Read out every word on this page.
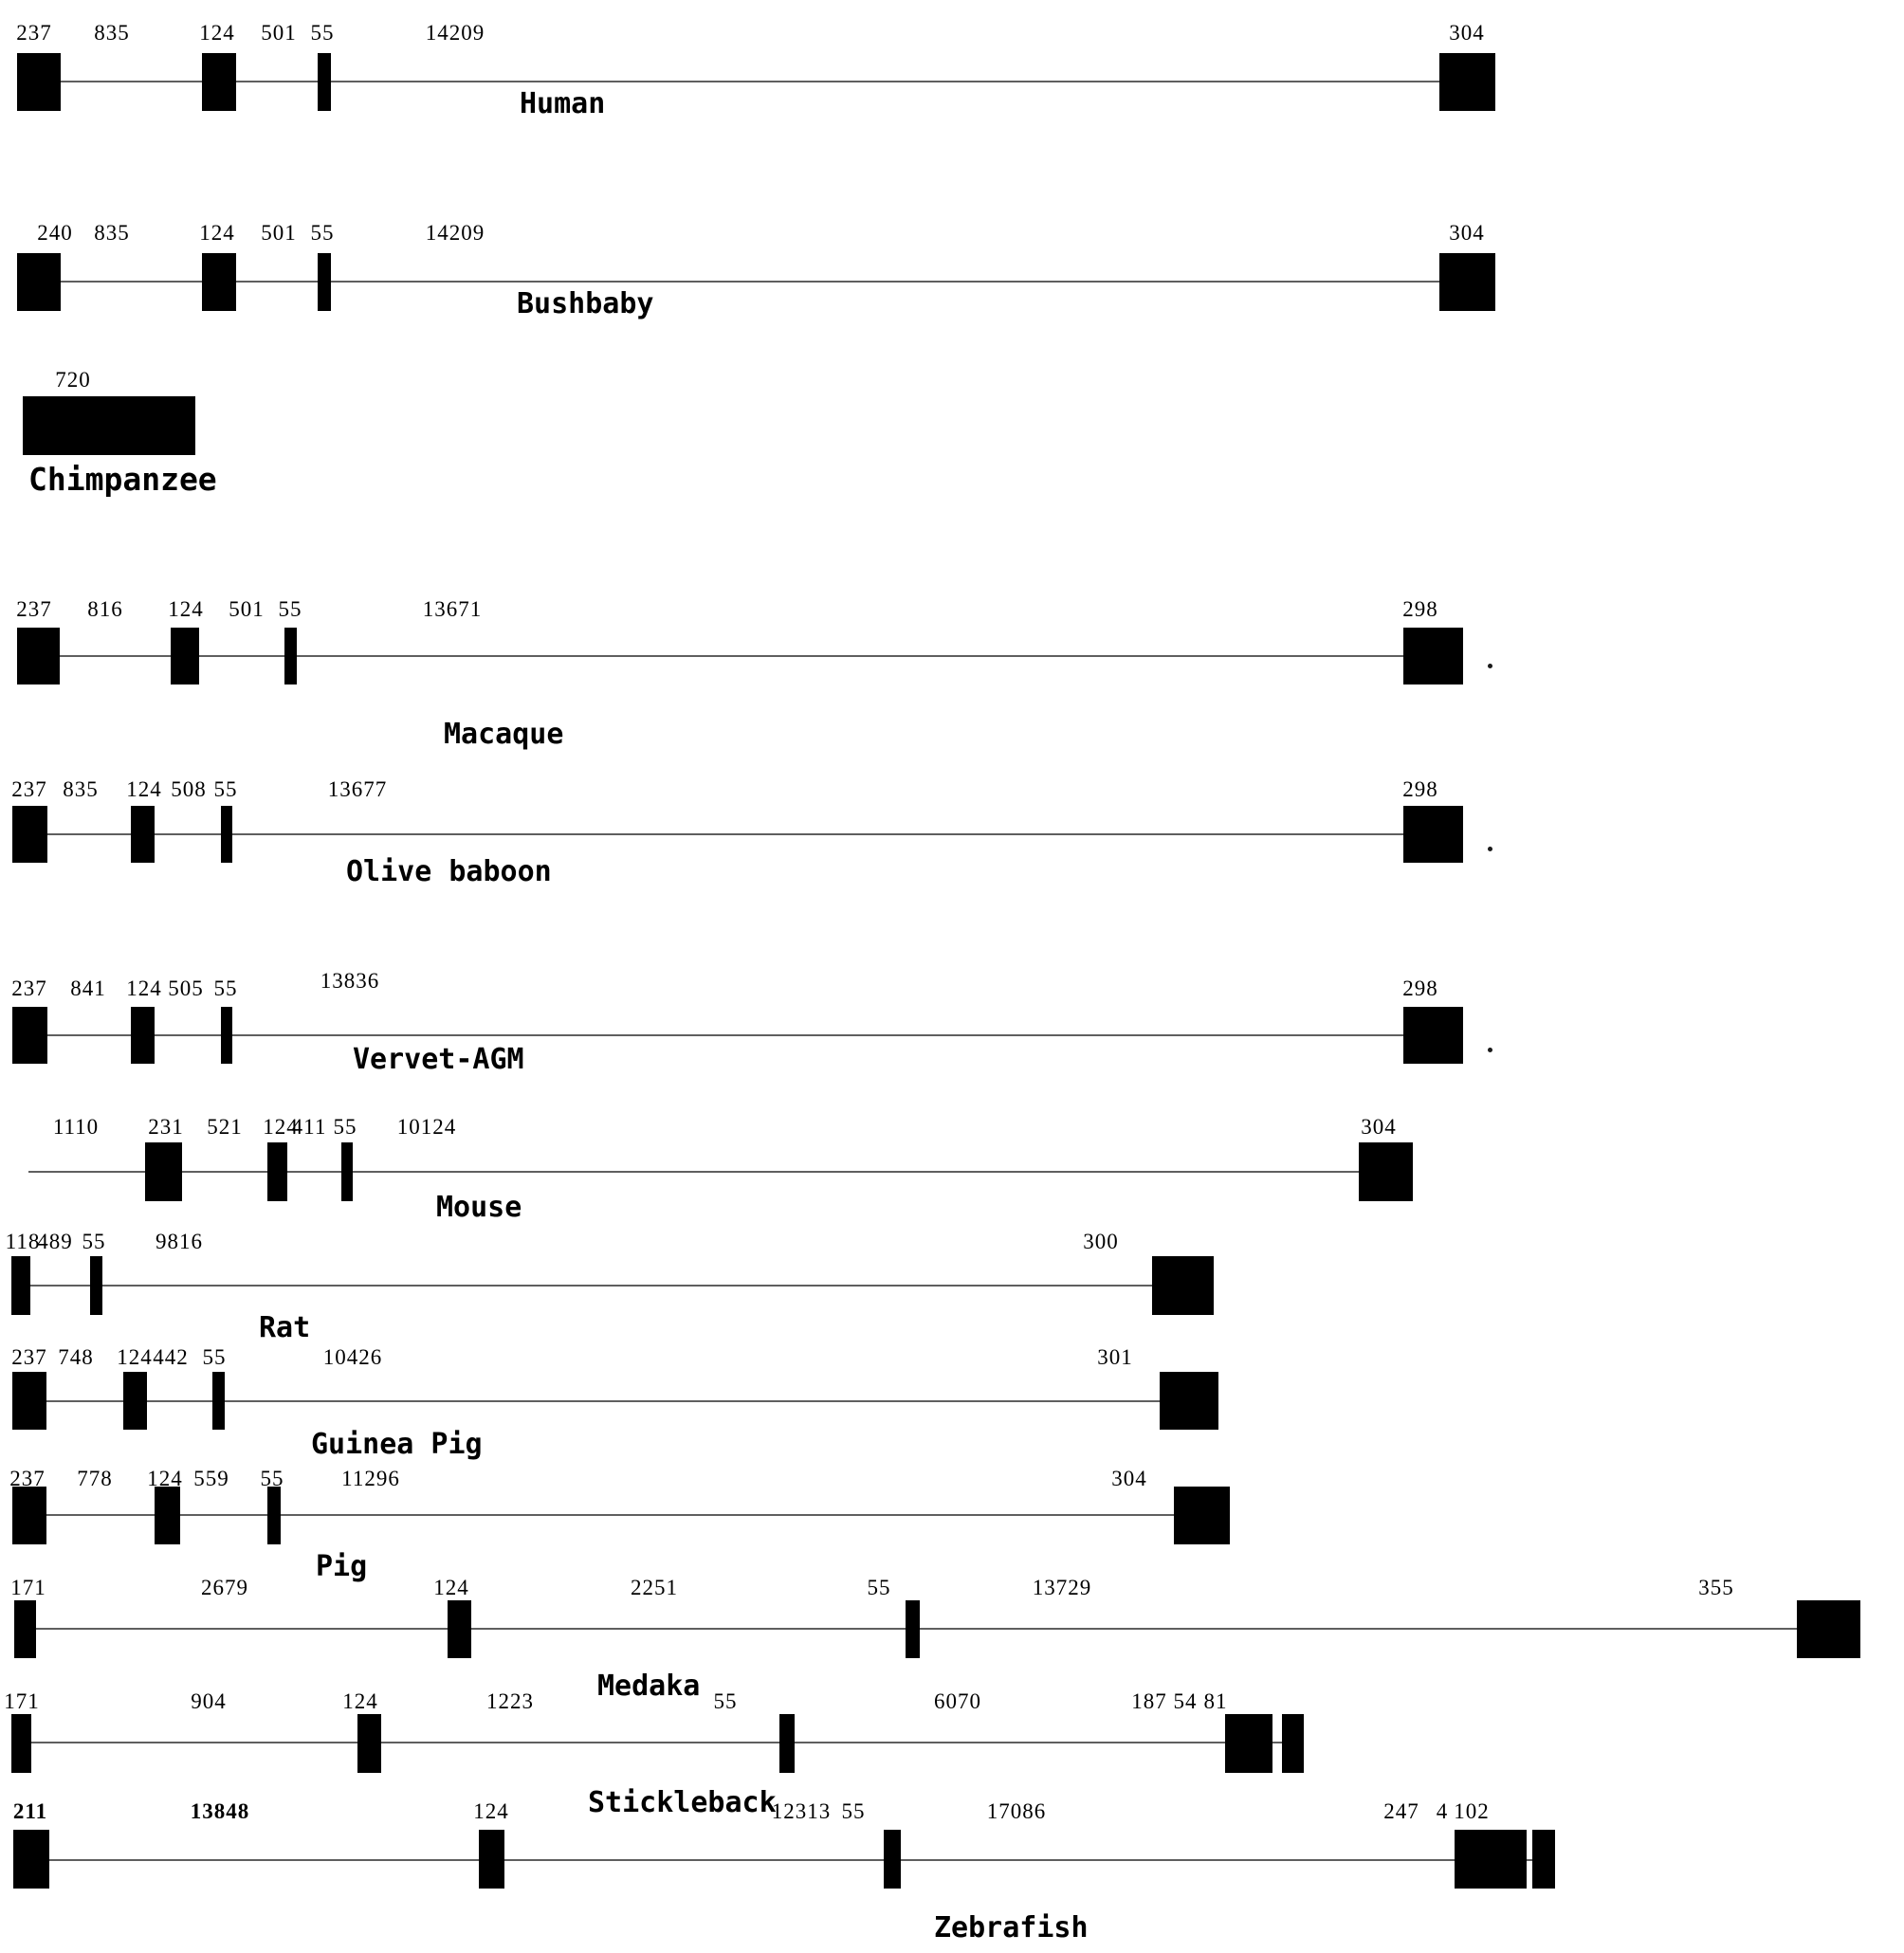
237 835	124 501 55	14209	304
Human
240 835	124 501 55	14209	304
Bushbaby
720
Chimpanzee
237 816 124 501 55	13671	298
Macaque
237 835 124 508 55	13677	298
Olive baboon
237 841 124 505 55	13836	298
Vervet-AGM
1110 231 521 124
411 55 10124	304
Mouse
118
489 55 9816	300
Rat
237 748 124 442 55	10426	301
Guinea Pig
237 778 124 559 55	11296	304
Pig
171	2679	124	2251	55	13729	355
Medaka
171	904	124	1223	55	6070	187 54 81
Stickleback
211	13848	124	12313 55	17086	247 4 102
Zebrafish
